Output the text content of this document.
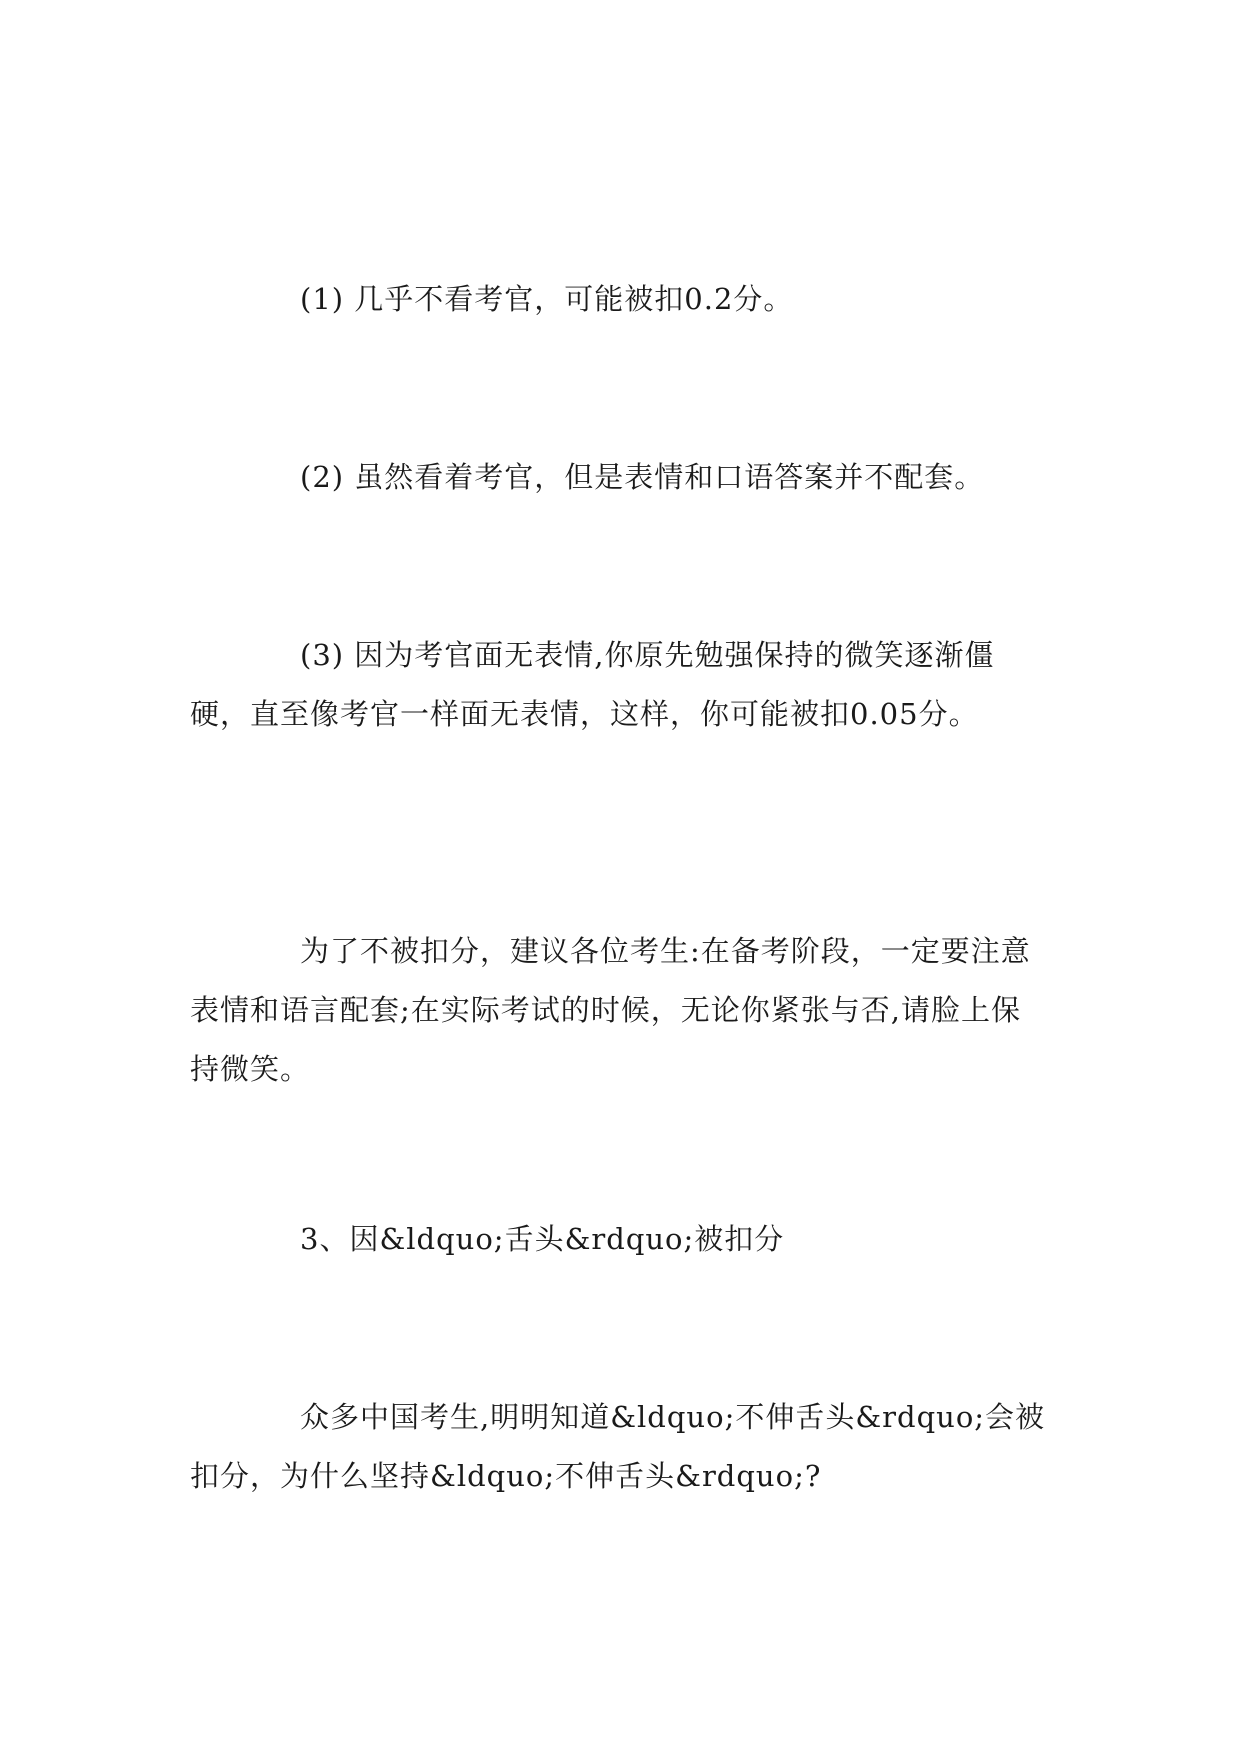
(1) 几乎不看考官，可能被扣0.2分。

(2) 虽然看着考官，但是表情和口语答案并不配套。

(3) 因为考官面无表情,你原先勉强保持的微笑逐渐僵硬，直至像考官一样面无表情，这样，你可能被扣0.05分。

为了不被扣分，建议各位考生:在备考阶段，一定要注意表情和语言配套;在实际考试的时候，无论你紧张与否,请脸上保持微笑。

3、因&ldquo;舌头&rdquo;被扣分

众多中国考生,明明知道&ldquo;不伸舌头&rdquo;会被扣分，为什么坚持&ldquo;不伸舌头&rdquo;?
